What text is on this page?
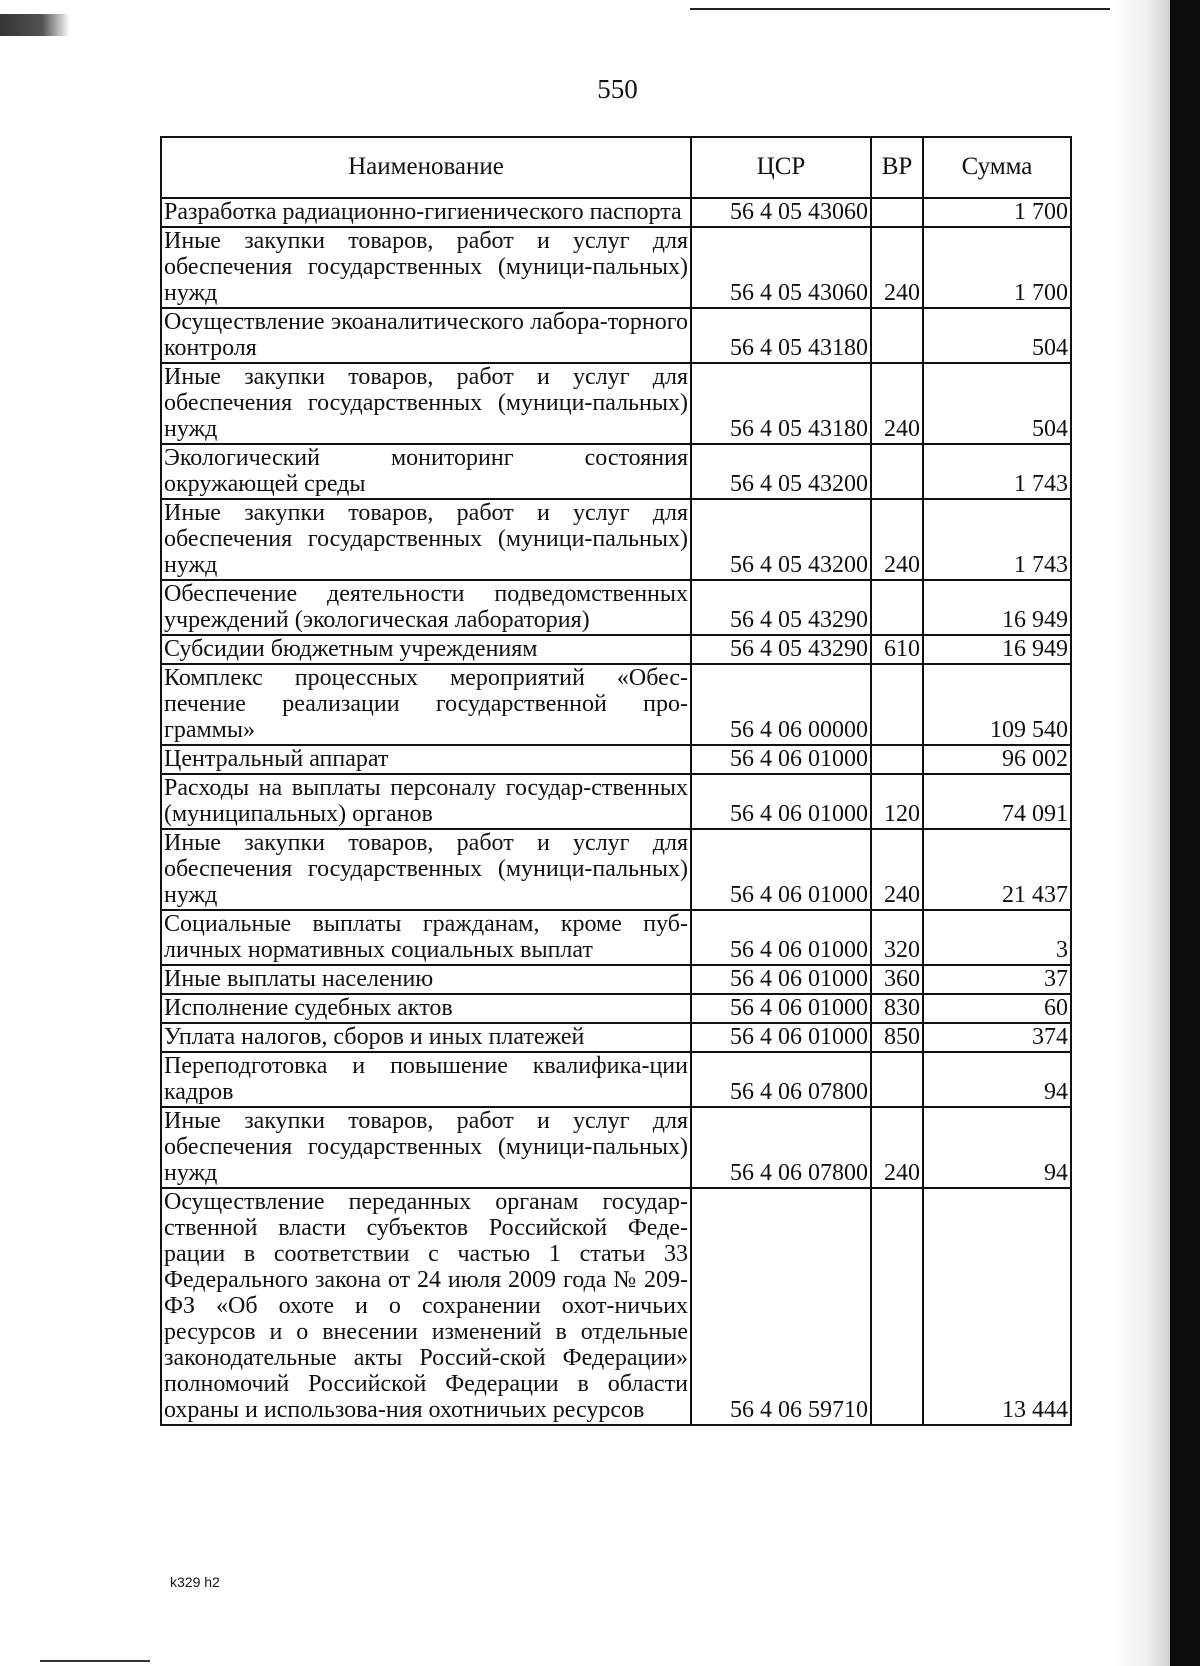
550
Наименование	ЦСР	ВР	Сумма
Разработка радиационно-гигиенического паспорта	56 4 05 43060		1 700
Иные закупки товаров, работ и услуг для обеспечения государственных (муници-пальных) нужд	56 4 05 43060	240	1 700
Осуществление экоаналитического лабора-торного контроля	56 4 05 43180		504
Иные закупки товаров, работ и услуг для обеспечения государственных (муници-пальных) нужд	56 4 05 43180	240	504
Экологический мониторинг состояния окружающей среды	56 4 05 43200		1 743
Иные закупки товаров, работ и услуг для обеспечения государственных (муници-пальных) нужд	56 4 05 43200	240	1 743
Обеспечение деятельности подведомственных учреждений (экологическая лаборатория)	56 4 05 43290		16 949
Субсидии бюджетным учреждениям	56 4 05 43290	610	16 949
Комплекс процессных мероприятий «Обес-печение реализации государственной про-граммы»	56 4 06 00000		109 540
Центральный аппарат	56 4 06 01000		96 002
Расходы на выплаты персоналу государ-ственных (муниципальных) органов	56 4 06 01000	120	74 091
Иные закупки товаров, работ и услуг для обеспечения государственных (муници-пальных) нужд	56 4 06 01000	240	21 437
Социальные выплаты гражданам, кроме пуб-личных нормативных социальных выплат	56 4 06 01000	320	3
Иные выплаты населению	56 4 06 01000	360	37
Исполнение судебных актов	56 4 06 01000	830	60
Уплата налогов, сборов и иных платежей	56 4 06 01000	850	374
Переподготовка и повышение квалифика-ции кадров	56 4 06 07800		94
Иные закупки товаров, работ и услуг для обеспечения государственных (муници-пальных) нужд	56 4 06 07800	240	94
Осуществление переданных органам государ-ственной власти субъектов Российской Феде-рации в соответствии с частью 1 статьи 33 Федерального закона от 24 июля 2009 года № 209-ФЗ «Об охоте и о сохранении охот-ничьих ресурсов и о внесении изменений в отдельные законодательные акты Россий-ской Федерации» полномочий Российской Федерации в области охраны и использова-ния охотничьих ресурсов	56 4 06 59710		13 444
k329 h2
